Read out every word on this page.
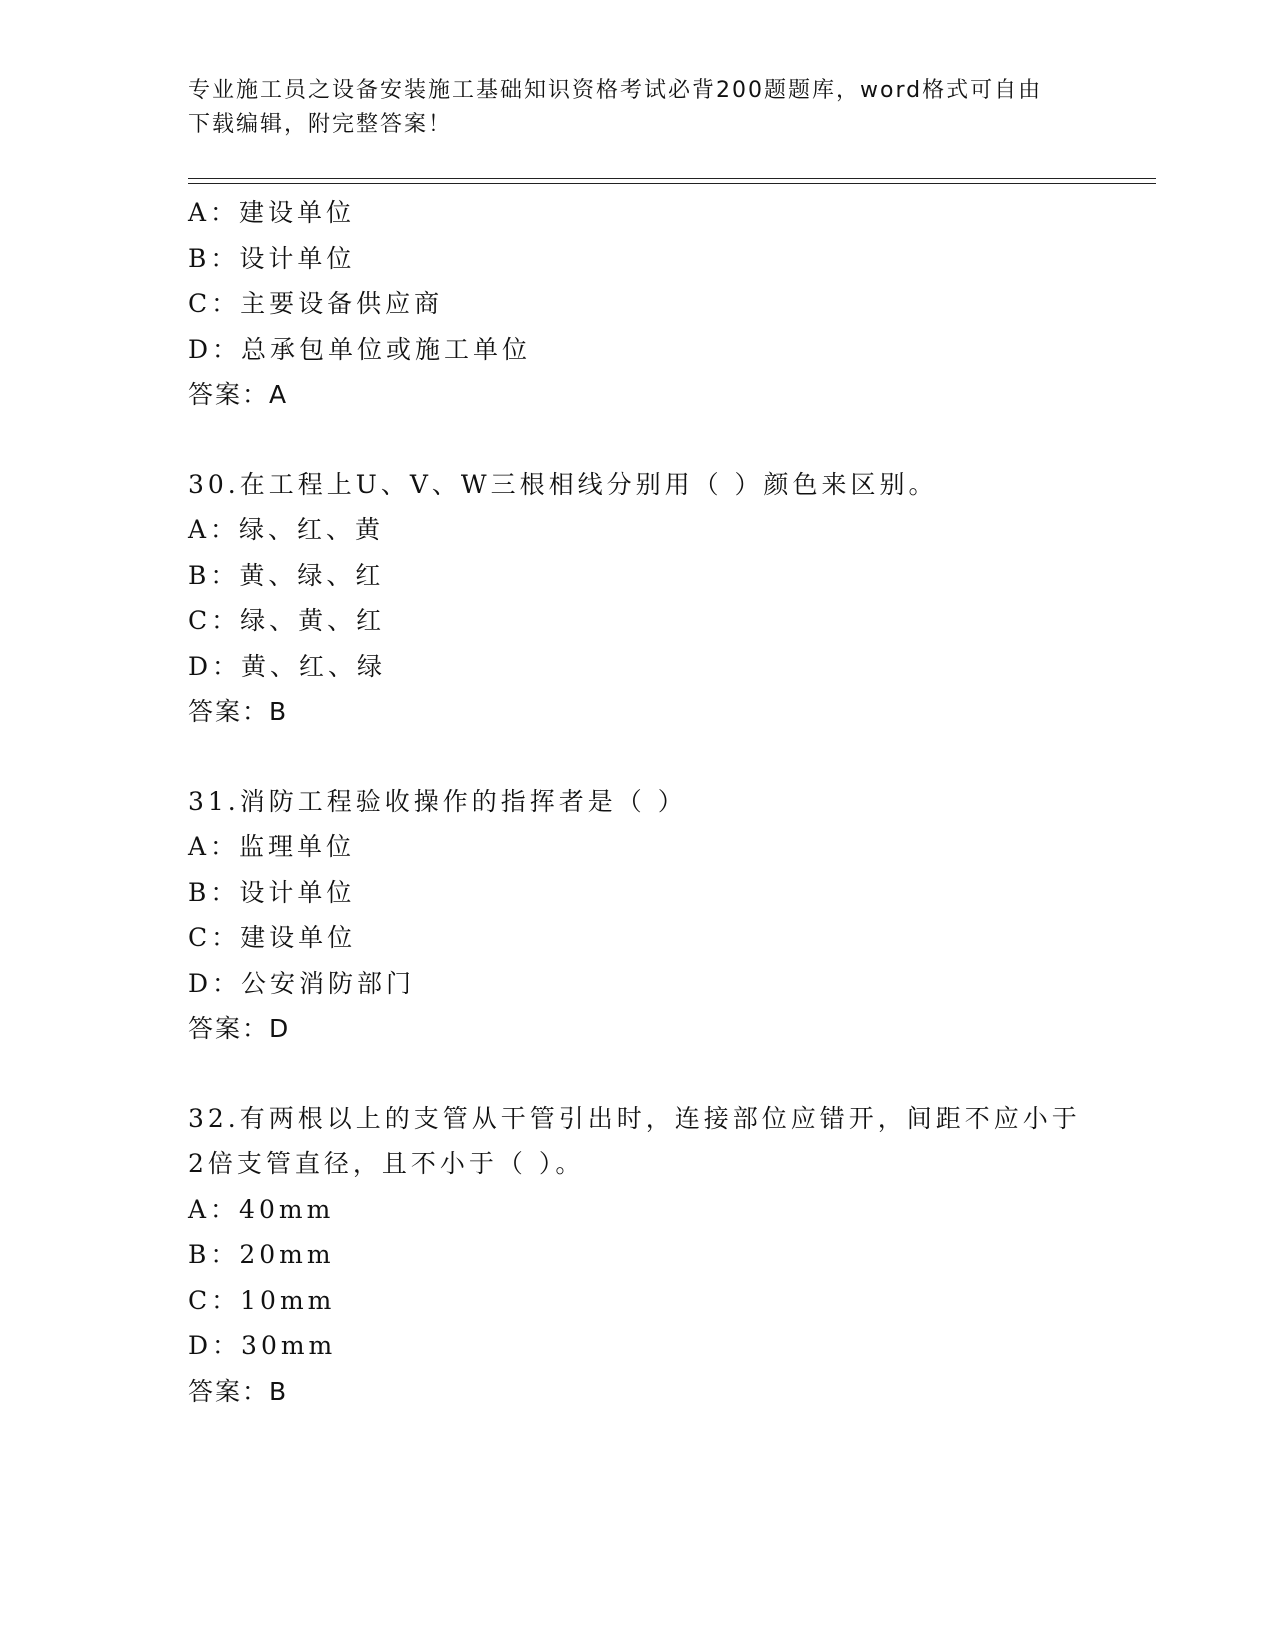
专业施工员之设备安装施工基础知识资格考试必背200题题库，word格式可自由
下载编辑，附完整答案！
A：建设单位
B：设计单位
C：主要设备供应商
D：总承包单位或施工单位
答案：A
30.在工程上U、V、W三根相线分别用（ ）颜色来区别。
A：绿、红、黄
B：黄、绿、红
C：绿、黄、红
D：黄、红、绿
答案：B
31.消防工程验收操作的指挥者是（ ）
A：监理单位
B：设计单位
C：建设单位
D：公安消防部门
答案：D
32.有两根以上的支管从干管引出时，连接部位应错开，间距不应小于
2倍支管直径，且不小于（ ）。
A：40mm
B：20mm
C：10mm
D：30mm
答案：B
